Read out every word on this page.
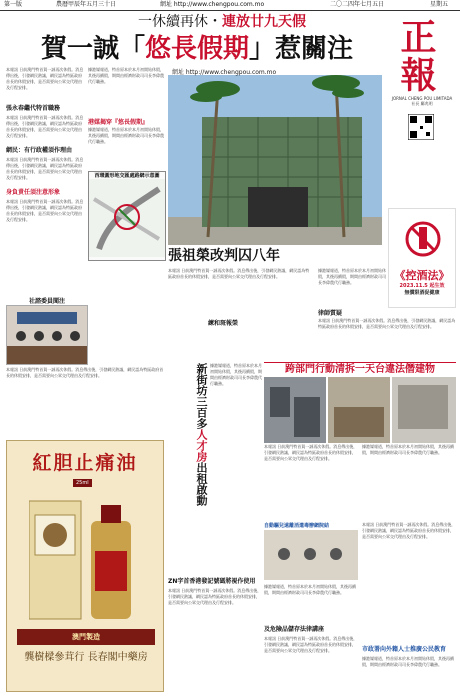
第一版	農曆甲辰年五月三十日	網址 http://www.chengpou.com.mo	二〇二四年七月五日	星期五
一休續再休・連放廿九天假
賀一誠「悠長假期」惹關注	正報
JORNAL CHENG POU LIMITADA 社長 鄺兆明
本報訊 日前澳門特首賀一誠再次休假。消息傳出後，引發網民熱議，網民認為特區政府首長的休假安排，是否需要向公眾交代理由及行程安排。
張永春繼代特首職務
本報訊 日前澳門特首賀一誠再次休假。消息傳出後，引發網民熱議，網民認為特區政府首長的休假安排，是否需要向公眾交代理由及行程安排。
網民：有行政權須作理由
本報訊 日前澳門特首賀一誠再次休假。消息傳出後，引發網民熱議，網民認為特區政府首長的休假安排，是否需要向公眾交代理由及行程安排。
身負責任須注意形象
本報訊 日前澳門特首賀一誠再次休假。消息傳出後，引發網民熱議，網民認為特區政府首長的休假安排，是否需要向公眾交代理由及行程安排。
據港媒報道，特首原本於本月初開始休假，其後再續假，期間由經濟財政司司長李偉農代行職務。
港媒揭穿『悠長假期』
據港媒報道，特首原本於本月初開始休假，其後再續假，期間由經濟財政司司長李偉農代行職務。
西環圓形地交匯處路網示意圖
網址 http://www.chengpou.com.mo
《控酒法》
2023.11.5 起生效
無償限酒促健康
張祖榮改判囚八年
本報訊 日前澳門特首賀一誠再次休假。消息傳出後，引發網民熱議，網民認為特區政府首長的休假安排，是否需要向公眾交代理由及行程安排。
律師質疑
據港媒報道，特首原本於本月初開始休假，其後再續假，期間由經濟財政司司長李偉農代行職務。
練和斑報榮	本報訊 日前澳門特首賀一誠再次休假。消息傳出後，引發網民熱議，網民認為特區政府首長的休假安排，是否需要向公眾交代理由及行程安排。
社諮委員聞注
本報訊 日前澳門特首賀一誠再次休假。消息傳出後，引發網民熱議，網民認為特區政府首長的休假安排，是否需要向公眾交代理由及行程安排。	新街坊三百多人才房出租啟動
據港媒報道，特首原本於本月初開始休假，其後再續假，期間由經濟財政司司長李偉農代行職務。
跨部門行動清拆一天台違法僭建物
紅胆止痛油
25ml
澳門製造
龔樹樑參茸行 長春閣中藥房
本報訊 日前澳門特首賀一誠再次休假。消息傳出後，引發網民熱議，網民認為特區政府首長的休假安排，是否需要向公眾交代理由及行程安排。
據港媒報道，特首原本於本月初開始休假，其後再續假，期間由經濟財政司司長李偉農代行職務。
自動驅兒遠離消遣毒辦網院結	本報訊 日前澳門特首賀一誠再次休假。消息傳出後，引發網民熱議，網民認為特區政府首長的休假安排，是否需要向公眾交代理由及行程安排。
市政署向外籍人士推廣公民教育
及危險品儲存法律講座
據港媒報道，特首原本於本月初開始休假，其後再續假，期間由經濟財政司司長李偉農代行職務。
本報訊 日前澳門特首賀一誠再次休假。消息傳出後，引發網民熱議，網民認為特區政府首長的休假安排，是否需要向公眾交代理由及行程安排。
據港媒報道，特首原本於本月初開始休假，其後再續假，期間由經濟財政司司長李偉農代行職務。
ZN字首香港發記號碼將視作使用
本報訊 日前澳門特首賀一誠再次休假。消息傳出後，引發網民熱議，網民認為特區政府首長的休假安排，是否需要向公眾交代理由及行程安排。
